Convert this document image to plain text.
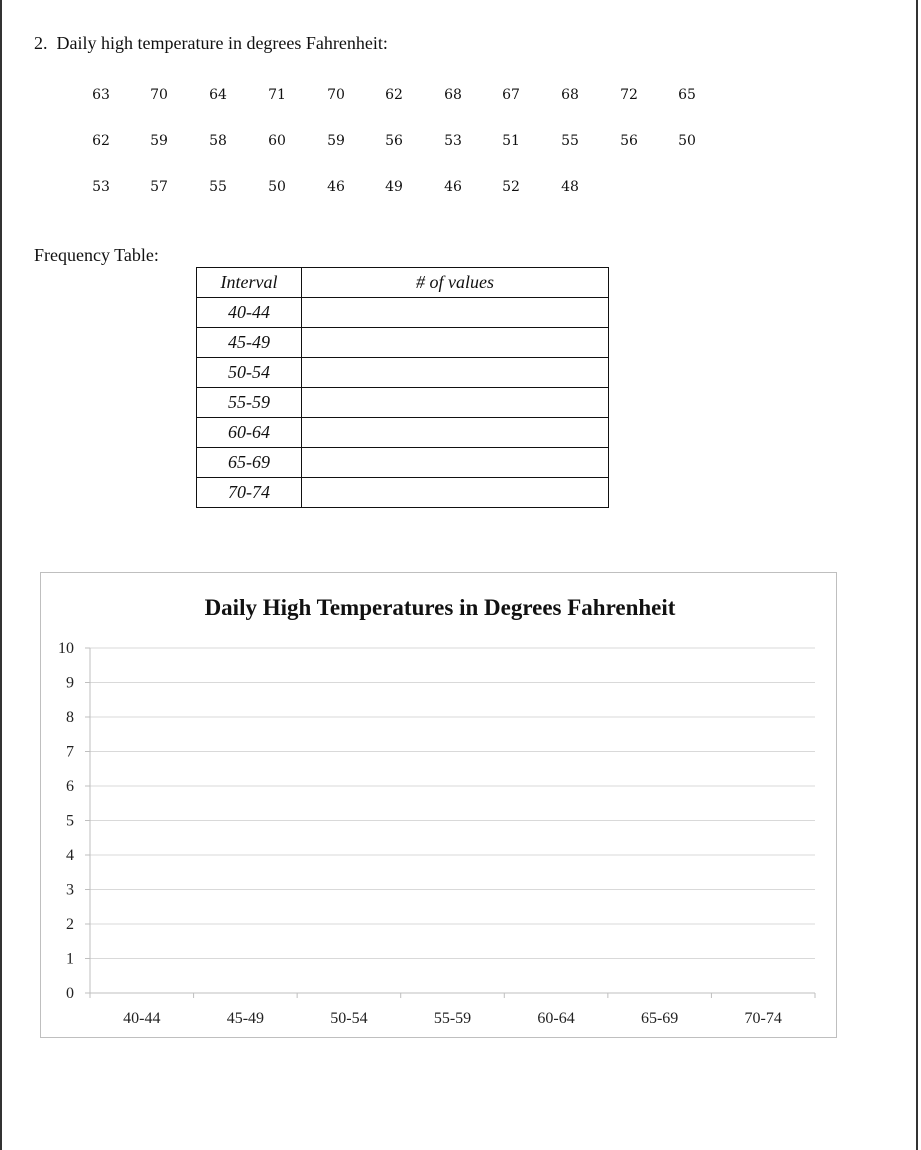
2. Daily high temperature in degrees Fahrenheit:
63	70	64	71	70	62	68	67	68	72	65
62	59	58	60	59	56	53	51	55	56	50
53	57	55	50	46	49	46	52	48
Frequency Table:
Interval	# of values
40-44	
45-49	
50-54	
55-59	
60-64	
65-69	
70-74	
Daily High Temperatures in Degrees Fahrenheit
0
1
2
3
4
5
6
7
8
9
10
40-44	45-49	50-54	55-59	60-64	65-69	70-74
